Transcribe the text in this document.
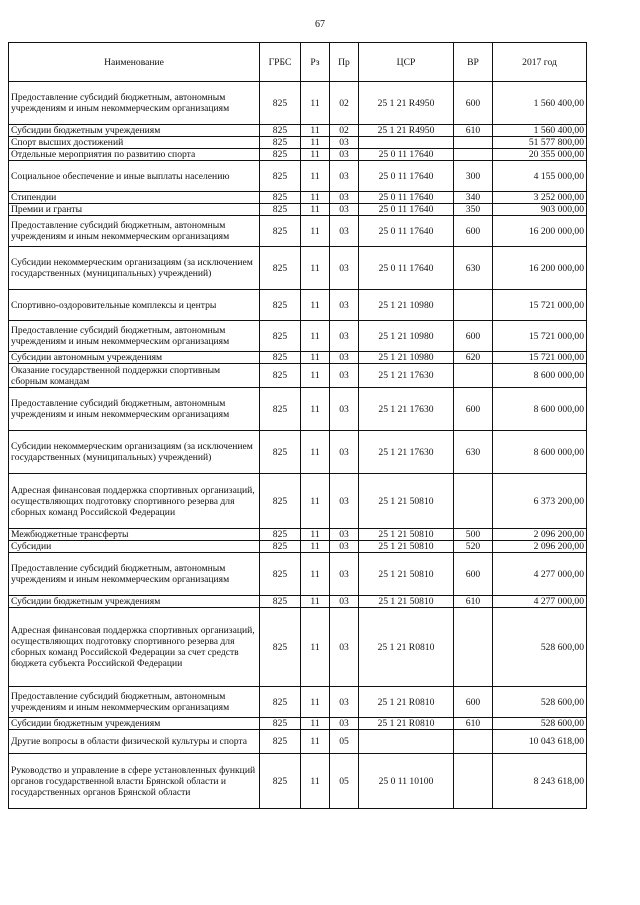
67
Наименование	ГРБС	Рз	Пр	ЦСР	ВР	2017 год
Предоставление субсидий бюджетным, автономным учреждениям и иным некоммерческим организациям	825	11	02	25 1 21 R4950	600	1 560 400,00
Субсидии бюджетным учреждениям	825	11	02	25 1 21 R4950	610	1 560 400,00
Спорт высших достижений	825	11	03			51 577 800,00
Отдельные мероприятия по развитию спорта	825	11	03	25 0 11 17640		20 355 000,00
Социальное обеспечение и иные выплаты населению	825	11	03	25 0 11 17640	300	4 155 000,00
Стипендии	825	11	03	25 0 11 17640	340	3 252 000,00
Премии и гранты	825	11	03	25 0 11 17640	350	903 000,00
Предоставление субсидий бюджетным, автономным учреждениям и иным некоммерческим организациям	825	11	03	25 0 11 17640	600	16 200 000,00
Субсидии некоммерческим организациям (за исключением государственных (муниципальных) учреждений)	825	11	03	25 0 11 17640	630	16 200 000,00
Спортивно-оздоровительные комплексы и центры	825	11	03	25 1 21 10980		15 721 000,00
Предоставление субсидий бюджетным, автономным учреждениям и иным некоммерческим организациям	825	11	03	25 1 21 10980	600	15 721 000,00
Субсидии автономным учреждениям	825	11	03	25 1 21 10980	620	15 721 000,00
Оказание государственной поддержки спортивным сборным командам	825	11	03	25 1 21 17630		8 600 000,00
Предоставление субсидий бюджетным, автономным учреждениям и иным некоммерческим организациям	825	11	03	25 1 21 17630	600	8 600 000,00
Субсидии некоммерческим организациям (за исключением государственных (муниципальных) учреждений)	825	11	03	25 1 21 17630	630	8 600 000,00
Адресная финансовая поддержка спортивных организаций, осуществляющих подготовку спортивного резерва для сборных команд Российской Федерации	825	11	03	25 1 21 50810		6 373 200,00
Межбюджетные трансферты	825	11	03	25 1 21 50810	500	2 096 200,00
Субсидии	825	11	03	25 1 21 50810	520	2 096 200,00
Предоставление субсидий бюджетным, автономным учреждениям и иным некоммерческим организациям	825	11	03	25 1 21 50810	600	4 277 000,00
Субсидии бюджетным учреждениям	825	11	03	25 1 21 50810	610	4 277 000,00
Адресная финансовая поддержка спортивных организаций, осуществляющих подготовку спортивного резерва для сборных команд Российской Федерации за счет средств бюджета субъекта Российской Федерации	825	11	03	25 1 21 R0810		528 600,00
Предоставление субсидий бюджетным, автономным учреждениям и иным некоммерческим организациям	825	11	03	25 1 21 R0810	600	528 600,00
Субсидии бюджетным учреждениям	825	11	03	25 1 21 R0810	610	528 600,00
Другие вопросы в области физической культуры и спорта	825	11	05			10 043 618,00
Руководство и управление в сфере установленных функций органов государственной власти Брянской области и государственных органов Брянской области	825	11	05	25 0 11 10100		8 243 618,00
